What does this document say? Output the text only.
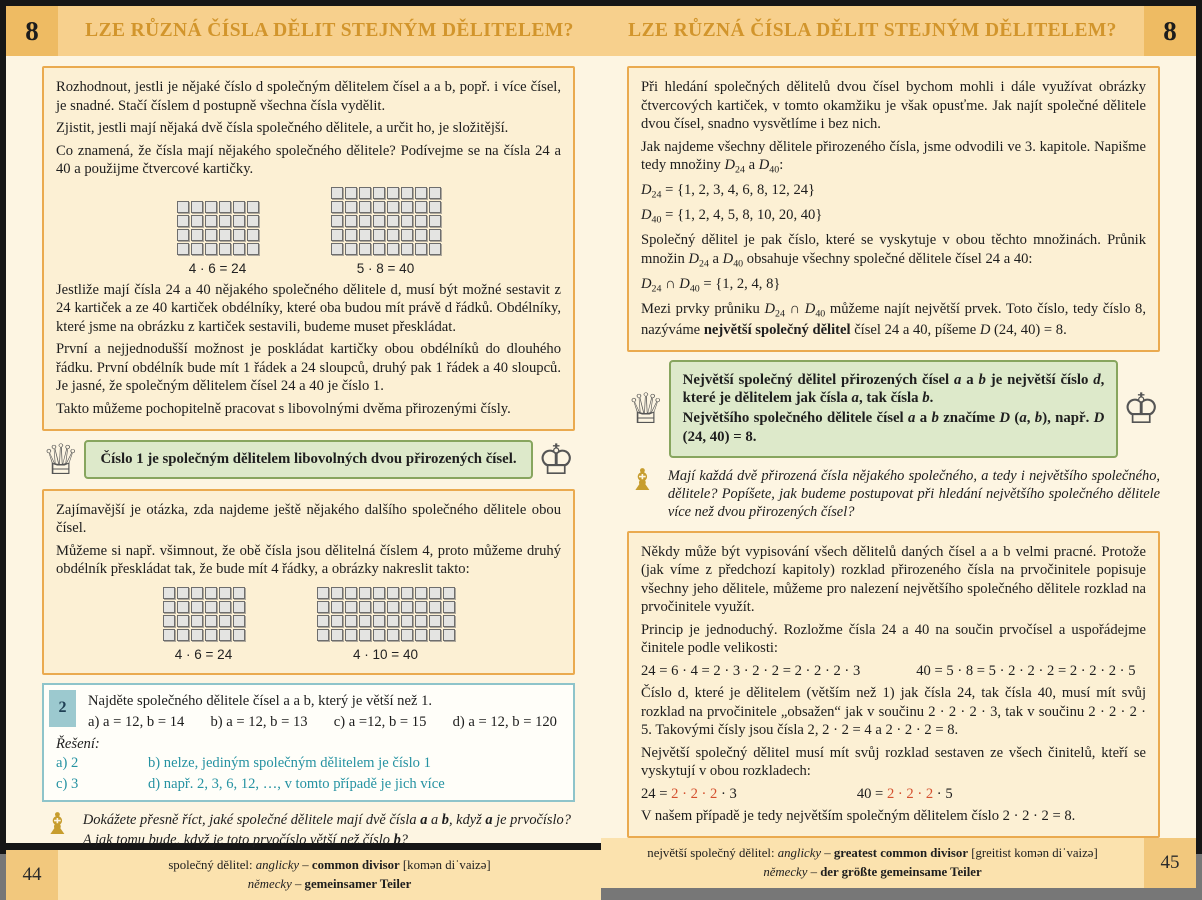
8	LZE RŮZNÁ ČÍSLA DĚLIT STEJNÝM DĚLITELEM?

Rozhodnout, jestli je nějaké číslo d společným dělitelem čísel a a b, popř. i více čísel, je snadné. Stačí číslem d postupně všechna čísla vydělit.

Zjistit, jestli mají nějaká dvě čísla společného dělitele, a určit ho, je složitější.

Co znamená, že čísla mají nějakého společného dělitele? Podívejme se na čísla 24 a 40 a použijme čtvercové kartičky.

4 · 6 = 24	5 · 8 = 40

Jestliže mají čísla 24 a 40 nějakého společného dělitele d, musí být možné sestavit z 24 kartiček a ze 40 kartiček obdélníky, které oba budou mít právě d řádků. Obdélníky, které jsme na obrázku z kartiček sestavili, budeme muset přeskládat.

První a nejjednodušší možnost je poskládat kartičky obou obdélníků do dlouhého řádku. První obdélník bude mít 1 řádek a 24 sloupců, druhý pak 1 řádek a 40 sloupců. Je jasné, že společným dělitelem čísel 24 a 40 je číslo 1.

Takto můžeme pochopitelně pracovat s libovolnými dvěma přirozenými čísly.

♕	Číslo 1 je společným dělitelem libovolných dvou přirozených čísel. ♔

Zajímavější je otázka, zda najdeme ještě nějakého dalšího společného dělitele obou čísel.

Můžeme si např. všimnout, že obě čísla jsou dělitelná číslem 4, proto můžeme druhý obdélník přeskládat tak, že bude mít 4 řádky, a obrázky nakreslit takto:

4 · 6 = 24	4 · 10 = 40
2	Najděte společného dělitele čísel a a b, který je větší než 1.
a) a = 12, b = 14 b) a = 12, b = 13 c) a =12, b = 15 d) a = 12, b = 120
Řešení:
a) 2	b) nelze, jediným společným dělitelem je číslo 1
c) 3	d) např. 2, 3, 6, 12, …, v tomto případě je jich více
♝ Dokážete přesně říct, jaké společné dělitele mají dvě čísla a a b, když a je prvočíslo?

A jak tomu bude, když je toto prvočíslo větší než číslo b?

44	společný dělitel: anglicky – common divisor [komən diˈvaizə]
německy – gemeinsamer Teiler
LZE RŮZNÁ ČÍSLA DĚLIT STEJNÝM DĚLITELEM?	8

Při hledání společných dělitelů dvou čísel bychom mohli i dále využívat obrázky čtvercových kartiček, v tomto okamžiku je však opusťme. Jak najít společné dělitele dvou čísel, snadno vysvětlíme i bez nich.

Jak najdeme všechny dělitele přirozeného čísla, jsme odvodili ve 3. kapitole. Napišme tedy množiny $D_{24}$ a $D_{40}$:

$D_{24} = \{1$, 2, 3, 4, 6, 8, 12, 24}

$D_{40} = \{1$, 2, 4, 5, 8, 10, 20, 40}

Společný dělitel je pak číslo, které se vyskytuje v obou těchto množinách. Průnik množin $D_{24}$ a $D_{40}$ obsahuje všechny společné dělitele čísel 24 a 40:

$D_{24}$ ∩ $D_{40} = \{1$, 2, 4, 8}

Mezi prvky průniku $D_{24}$ ∩ $D_{40}$ můžeme najít největší prvek. Toto číslo, tedy číslo 8, nazýváme největší společný dělitel čísel 24 a 40, píšeme D (24, 40) = 8.

♕

Největší společný dělitel přirozených čísel a a b je největší číslo d, které je dělitelem jak čísla a, tak čísla b.

Největšího společného dělitele čísel a a b značíme D (a, b), např. D (24, 40) = 8.

♔
♝ Mají každá dvě přirozená čísla nějakého společného, a tedy i největšího společného, dělitele? Popíšete, jak budeme postupovat při hledání největšího společného dělitele více než dvou přirozených čísel?

Někdy může být vypisování všech dělitelů daných čísel a a b velmi pracné. Protože (jak víme z předchozí kapitoly) rozklad přirozeného čísla na prvočinitele popisuje všechny jeho dělitele, můžeme pro nalezení největšího společného dělitele rozklad na prvočinitele využít.

Princip je jednoduchý. Rozložme čísla 24 a 40 na součin prvočísel a uspořádejme činitele podle velikosti:

24 = 6 · 4 = 2 · 3 · 2 · 2 = 2 · 2 · 2 · 3	40 = 5 · 8 = 5 · 2 · 2 · 2 = 2 · 2 · 2 · 5

Číslo d, které je dělitelem (větším než 1) jak čísla 24, tak čísla 40, musí mít svůj rozklad na prvočinitele „obsažen“ jak v součinu 2 · 2 · 2 · 3, tak v součinu 2 · 2 · 2 · 5. Takovými čísly jsou čísla 2, 2 · 2 = 4 a 2 · 2 · 2 = 8.

Největší společný dělitel musí mít svůj rozklad sestaven ze všech činitelů, kteří se vyskytují v obou rozkladech:

24 = 2 · 2 · 2 · 3	40 = 2 · 2 · 2 · 5

V našem případě je tedy největším společným dělitelem číslo 2 · 2 · 2 = 8.

největší společný dělitel: anglicky – greatest common divisor [greitist komən diˈvaizə]
německy – der größte gemeinsame Teiler	45
